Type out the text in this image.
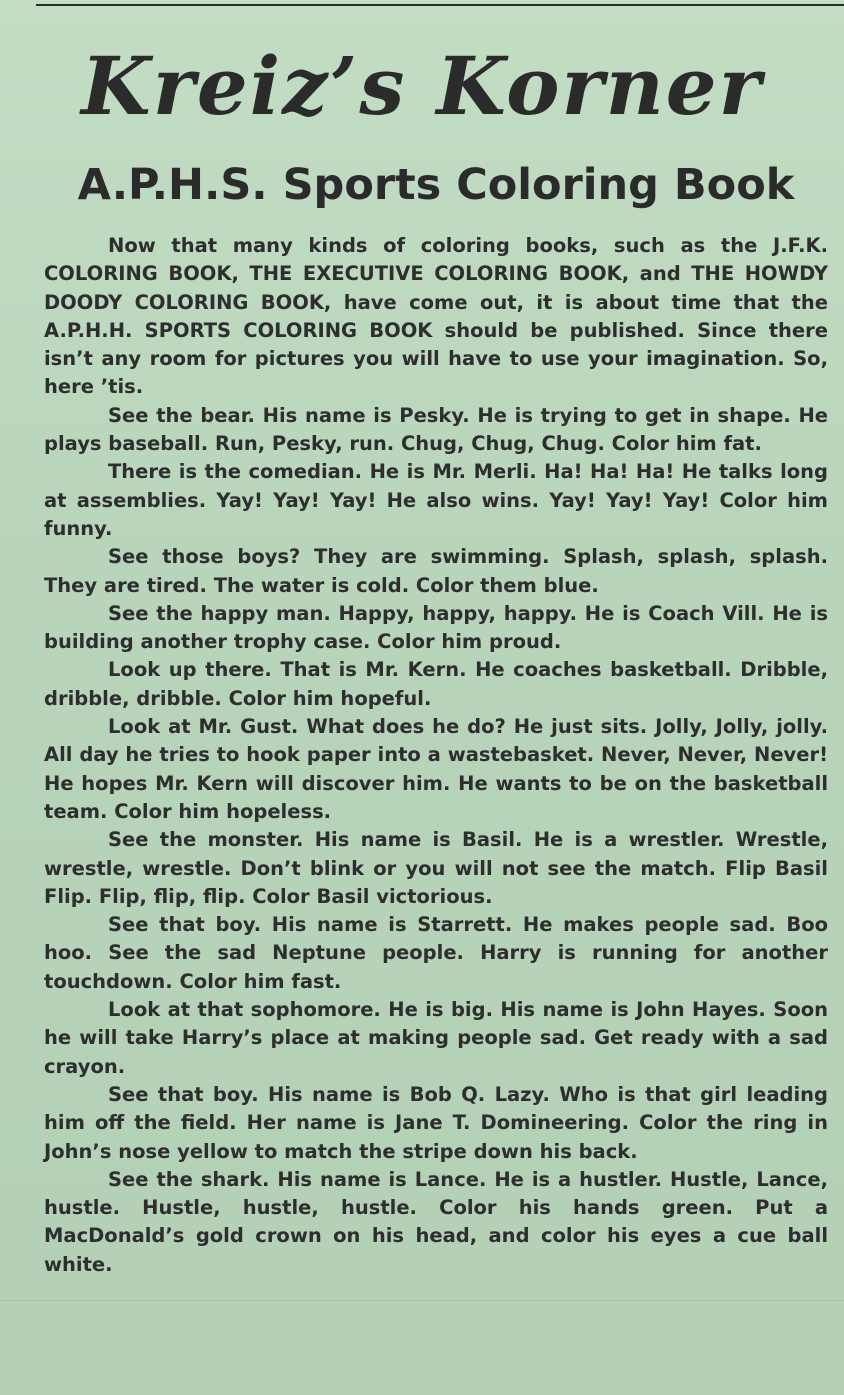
Kreiz’s Korner
A.P.H.S. Sports Coloring Book

Now that many kinds of coloring books, such as the J.F.K. COLORING BOOK, THE EXECUTIVE COLORING BOOK, and THE HOWDY DOODY COLORING BOOK, have come out, it is about time that the A.P.H.H. SPORTS COLORING BOOK should be published. Since there isn’t any room for pictures you will have to use your imagination. So, here ’tis.

See the bear. His name is Pesky. He is trying to get in shape. He plays baseball. Run, Pesky, run. Chug, Chug, Chug. Color him fat.

There is the comedian. He is Mr. Merli. Ha! Ha! Ha! He talks long at assemblies. Yay! Yay! Yay! He also wins. Yay! Yay! Yay! Color him funny.

See those boys? They are swimming. Splash, splash, splash. They are tired. The water is cold. Color them blue.

See the happy man. Happy, happy, happy. He is Coach Vill. He is building another trophy case. Color him proud.

Look up there. That is Mr. Kern. He coaches basketball. Dribble, dribble, dribble. Color him hopeful.

Look at Mr. Gust. What does he do? He just sits. Jolly, Jolly, jolly. All day he tries to hook paper into a wastebasket. Never, Never, Never! He hopes Mr. Kern will discover him. He wants to be on the basketball team. Color him hopeless.

See the monster. His name is Basil. He is a wrestler. Wrestle, wrestle, wrestle. Don’t blink or you will not see the match. Flip Basil Flip. Flip, flip, flip. Color Basil victorious.

See that boy. His name is Starrett. He makes people sad. Boo hoo. See the sad Neptune people. Harry is running for another touchdown. Color him fast.

Look at that sophomore. He is big. His name is John Hayes. Soon he will take Harry’s place at making people sad. Get ready with a sad crayon.

See that boy. His name is Bob Q. Lazy. Who is that girl leading him off the field. Her name is Jane T. Domineering. Color the ring in John’s nose yellow to match the stripe down his back.

See the shark. His name is Lance. He is a hustler. Hustle, Lance, hustle. Hustle, hustle, hustle. Color his hands green. Put a MacDonald’s gold crown on his head, and color his eyes a cue ball white.
